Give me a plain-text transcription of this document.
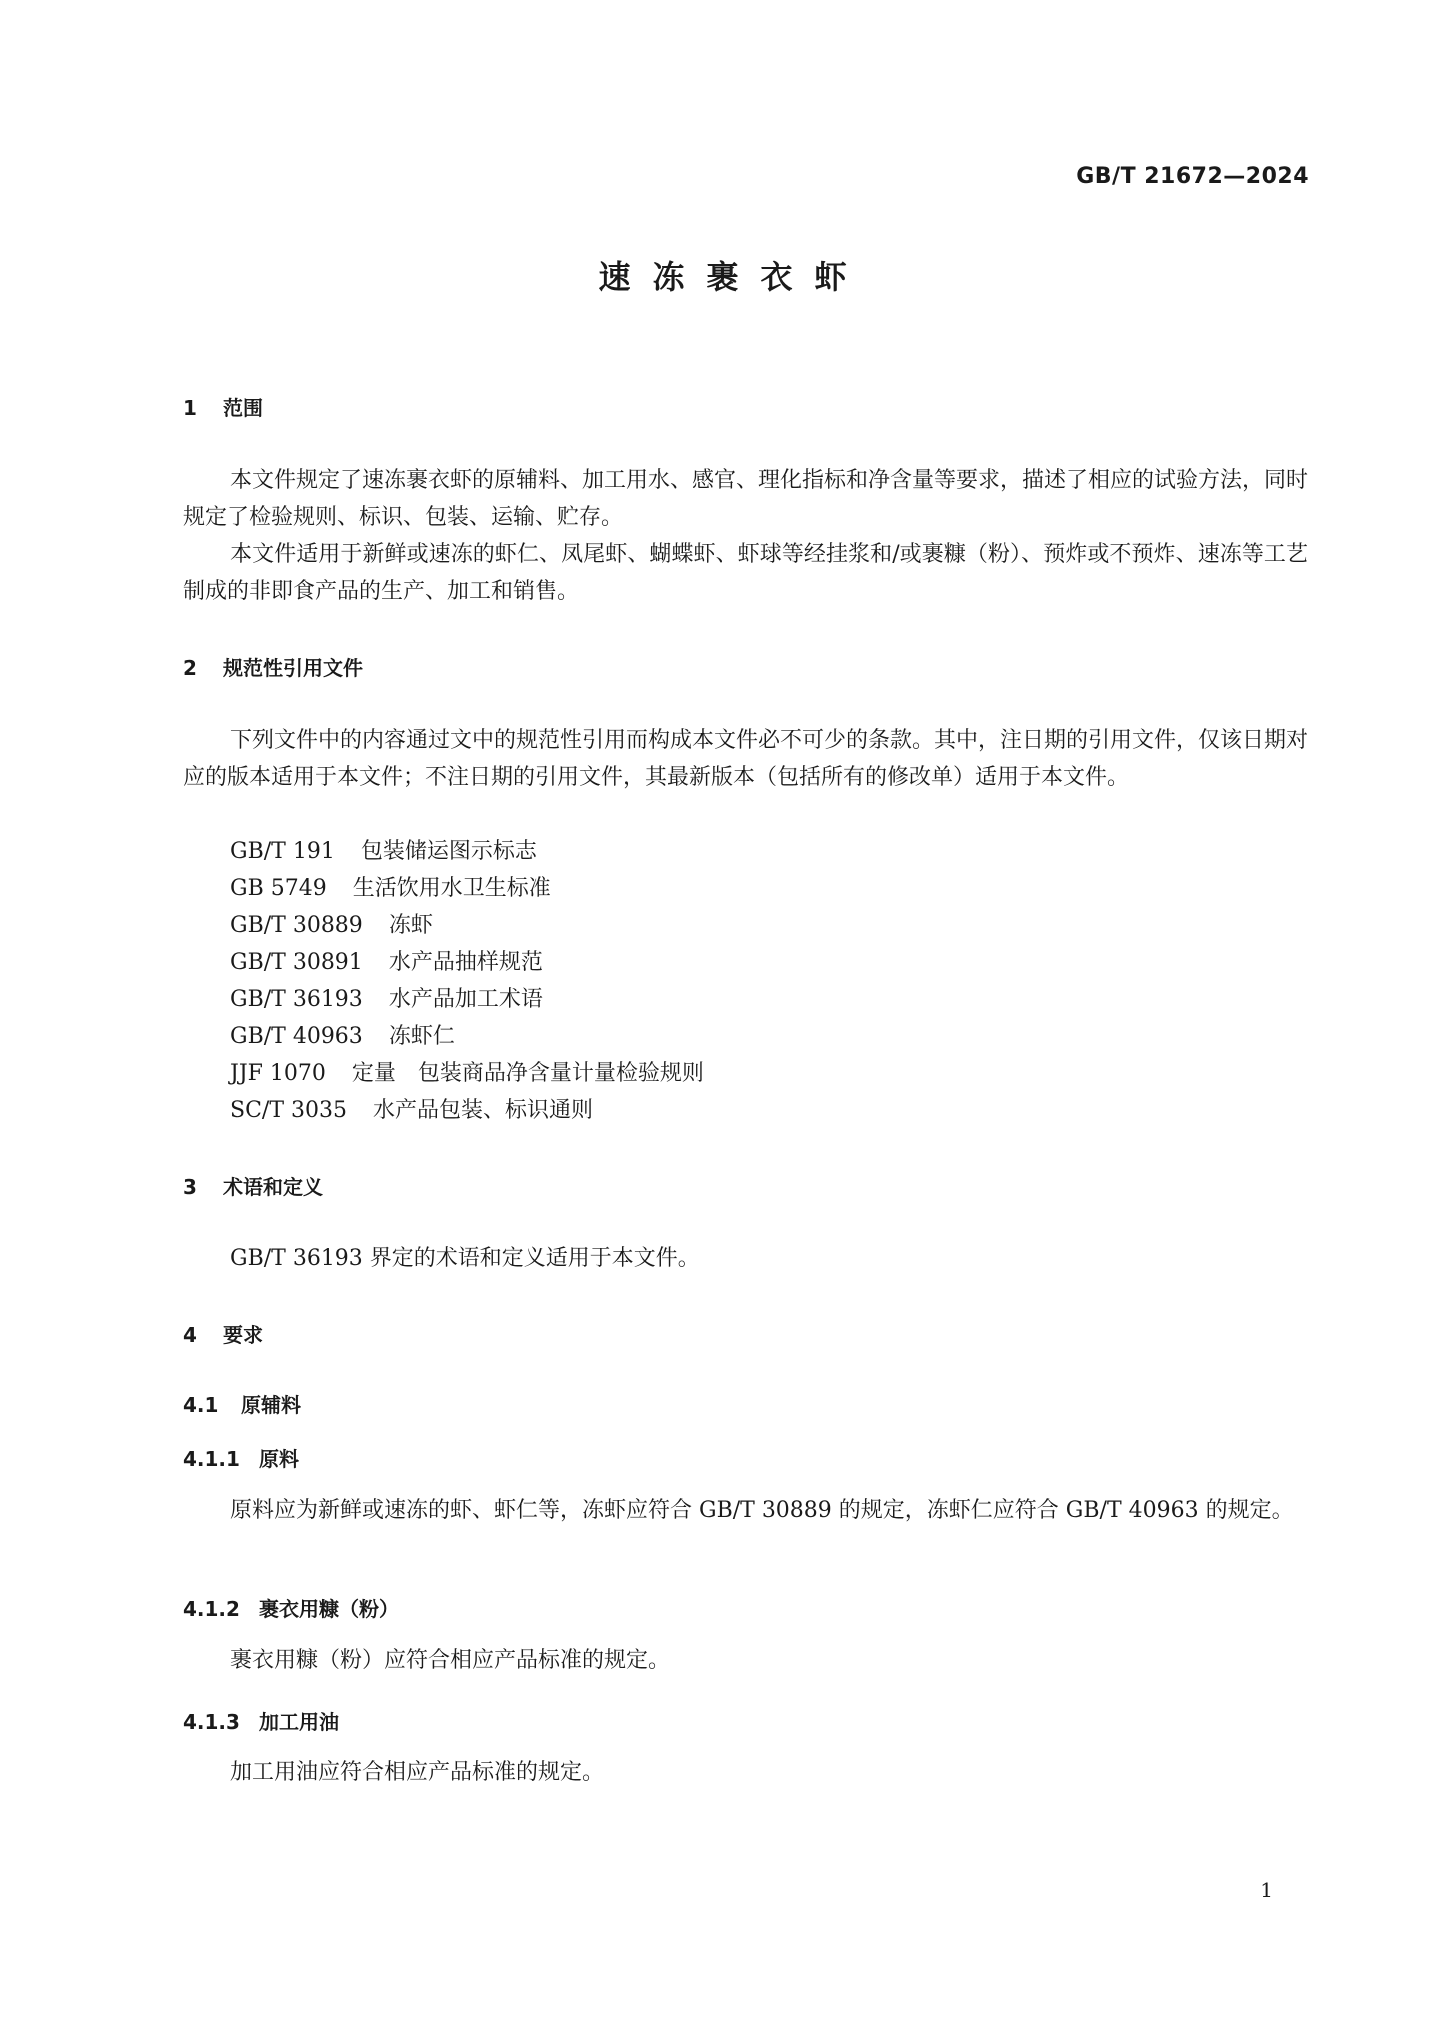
GB/T 21672—2024
速冻裹衣虾
1 范围
本文件规定了速冻裹衣虾的原辅料、加工用水、感官、理化指标和净含量等要求，描述了相应的试验方法，同时规定了检验规则、标识、包装、运输、贮存。
本文件适用于新鲜或速冻的虾仁、凤尾虾、蝴蝶虾、虾球等经挂浆和/或裹糠（粉）、预炸或不预炸、速冻等工艺制成的非即食产品的生产、加工和销售。
2 规范性引用文件
下列文件中的内容通过文中的规范性引用而构成本文件必不可少的条款。其中，注日期的引用文件，仅该日期对应的版本适用于本文件；不注日期的引用文件，其最新版本（包括所有的修改单）适用于本文件。
GB/T 191 包装储运图示标志
GB 5749 生活饮用水卫生标准
GB/T 30889 冻虾
GB/T 30891 水产品抽样规范
GB/T 36193 水产品加工术语
GB/T 40963 冻虾仁
JJF 1070 定量　包装商品净含量计量检验规则
SC/T 3035 水产品包装、标识通则
3 术语和定义
GB/T 36193 界定的术语和定义适用于本文件。
4 要求
4.1 原辅料
4.1.1 原料
原料应为新鲜或速冻的虾、虾仁等，冻虾应符合 GB/T 30889 的规定，冻虾仁应符合 GB/T 40963 的规定。
4.1.2 裹衣用糠（粉）
裹衣用糠（粉）应符合相应产品标准的规定。
4.1.3 加工用油
加工用油应符合相应产品标准的规定。
1
